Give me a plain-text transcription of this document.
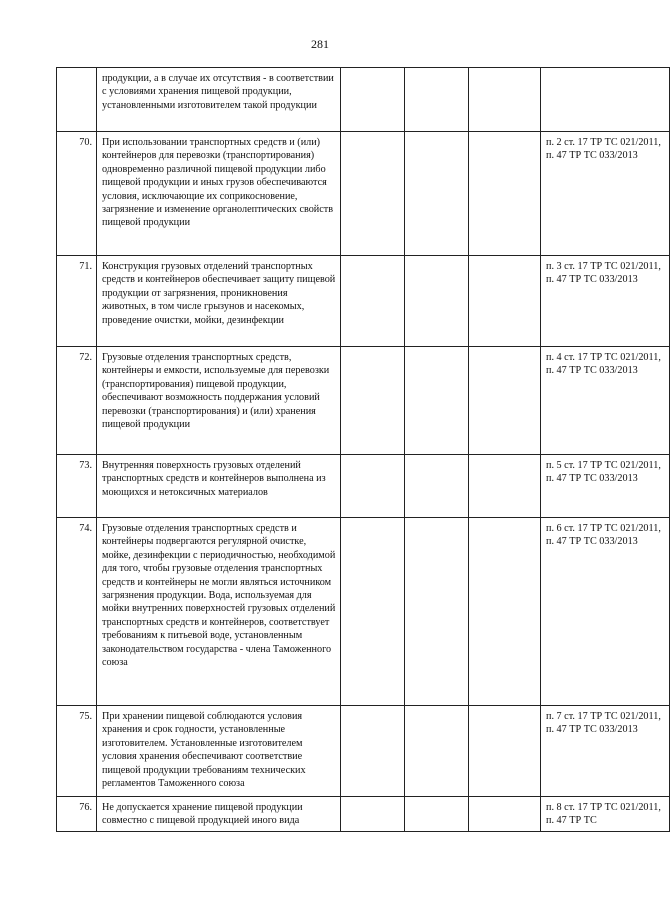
281
	продукции, а в случае их отсутствия - в соответствии с условиями хранения пищевой продукции, установленными изготовителем такой продукции				
70.	При использовании транспортных средств и (или) контейнеров для перевозки (транспортирования) одновременно различной пищевой продукции либо пищевой продукции и иных грузов обеспечиваются условия, исключающие их соприкосновение, загрязнение и изменение органолептических свойств пищевой продукции				п. 2 ст. 17 ТР ТС 021/2011, п. 47 ТР ТС 033/2013
71.	Конструкция грузовых отделений транспортных средств и контейнеров обеспечивает защиту пищевой продукции от загрязнения, проникновения животных, в том числе грызунов и насекомых, проведение очистки, мойки, дезинфекции				п. 3 ст. 17 ТР ТС 021/2011, п. 47 ТР ТС 033/2013
72.	Грузовые отделения транспортных средств, контейнеры и емкости, используемые для перевозки (транспортирования) пищевой продукции, обеспечивают возможность поддержания условий перевозки (транспортирования) и (или) хранения пищевой продукции				п. 4 ст. 17 ТР ТС 021/2011, п. 47 ТР ТС 033/2013
73.	Внутренняя поверхность грузовых отделений транспортных средств и контейнеров выполнена из моющихся и нетоксичных материалов				п. 5 ст. 17 ТР ТС 021/2011, п. 47 ТР ТС 033/2013
74.	Грузовые отделения транспортных средств и контейнеры подвергаются регулярной очистке, мойке, дезинфекции с периодичностью, необходимой для того, чтобы грузовые отделения транспортных средств и контейнеры не могли являться источником загрязнения продукции. Вода, используемая для мойки внутренних поверхностей грузовых отделений транспортных средств и контейнеров, соответствует требованиям к питьевой воде, установленным законодательством государства - члена Таможенного союза				п. 6 ст. 17 ТР ТС 021/2011, п. 47 ТР ТС 033/2013
75.	При хранении пищевой соблюдаются условия хранения и срок годности, установленные изготовителем. Установленные изготовителем условия хранения обеспечивают соответствие пищевой продукции требованиям технических регламентов Таможенного союза				п. 7 ст. 17 ТР ТС 021/2011, п. 47 ТР ТС 033/2013
76.	Не допускается хранение пищевой продукции совместно с пищевой продукцией иного вида				п. 8 ст. 17 ТР ТС 021/2011, п. 47 ТР ТС
